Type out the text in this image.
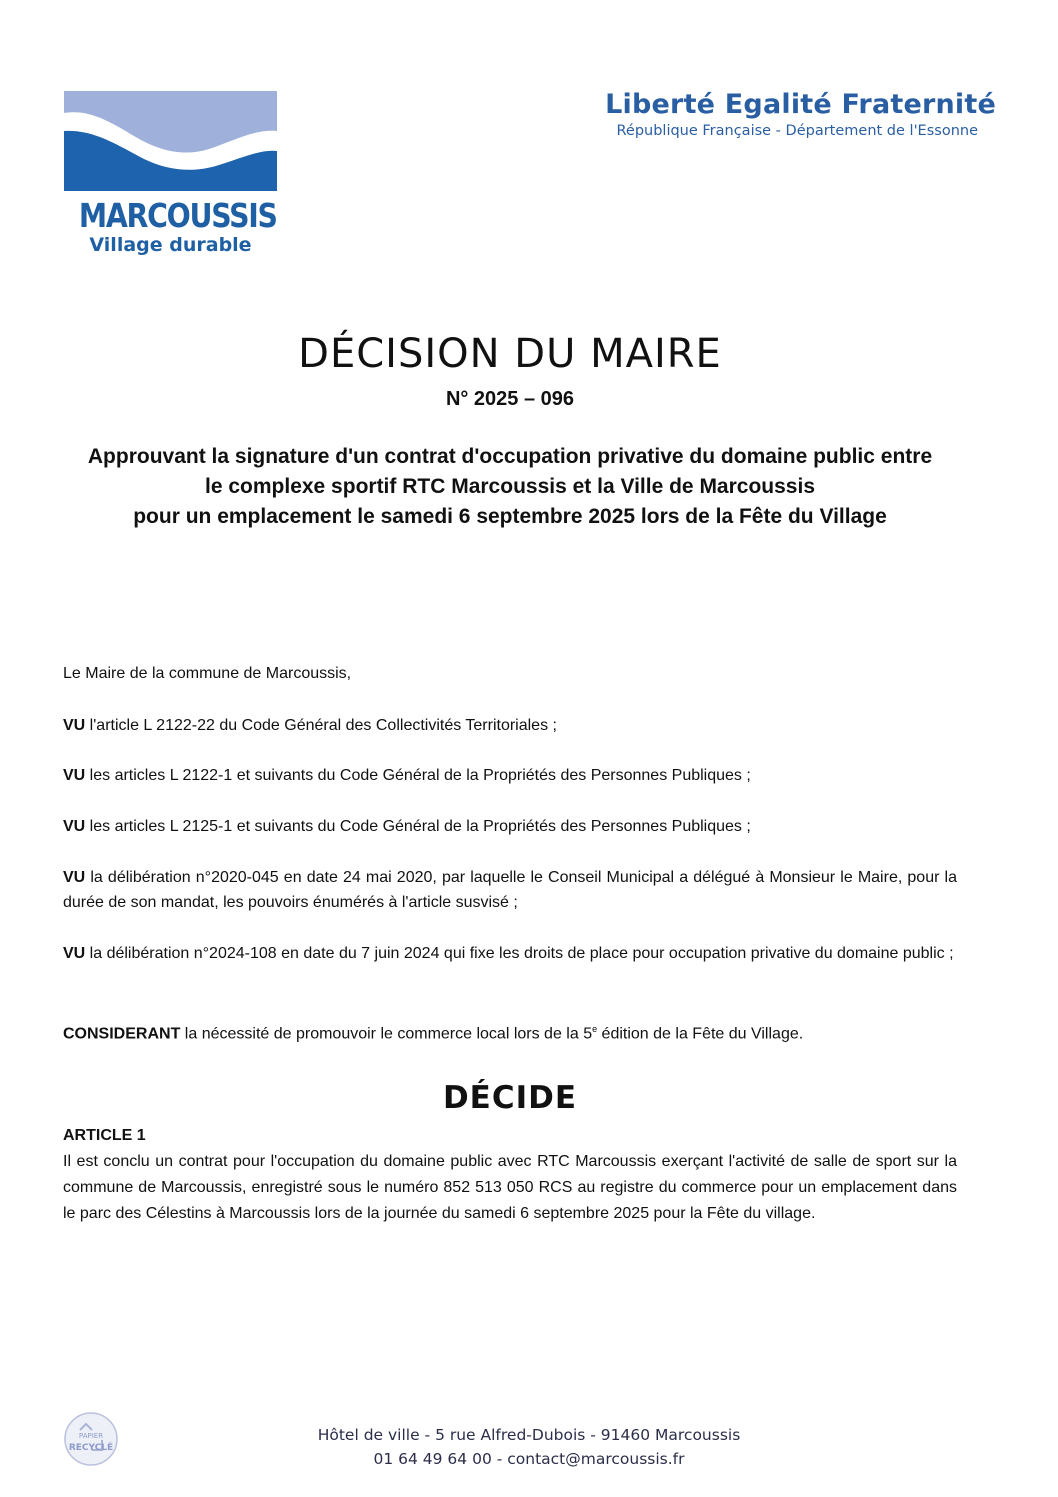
MARCOUSSIS
Village durable
Liberté Egalité Fraternité
République Française - Département de l'Essonne
DÉCISION DU MAIRE
N° 2025 – 096
Approuvant la signature d'un contrat d'occupation privative du domaine public entre
le complexe sportif RTC Marcoussis et la Ville de Marcoussis
pour un emplacement le samedi 6 septembre 2025 lors de la Fête du Village
Le Maire de la commune de Marcoussis,
VU l'article L 2122-22 du Code Général des Collectivités Territoriales ;
VU les articles L 2122-1 et suivants du Code Général de la Propriétés des Personnes Publiques ;
VU les articles L 2125-1 et suivants du Code Général de la Propriétés des Personnes Publiques ;
VU la délibération n°2020-045 en date 24 mai 2020, par laquelle le Conseil Municipal a délégué à Monsieur le Maire, pour la durée de son mandat, les pouvoirs énumérés à l'article susvisé ;
VU la délibération n°2024-108 en date du 7 juin 2024 qui fixe les droits de place pour occupation privative du domaine public ;
CONSIDERANT la nécessité de promouvoir le commerce local lors de la 5e édition de la Fête du Village.
DÉCIDE
ARTICLE 1
Il est conclu un contrat pour l'occupation du domaine public avec RTC Marcoussis exerçant l'activité de salle de sport sur la commune de Marcoussis, enregistré sous le numéro 852 513 050 RCS au registre du commerce pour un emplacement dans le parc des Célestins à Marcoussis lors de la journée du samedi 6 septembre 2025 pour la Fête du village.
PAPIER
RECYCLÉ
Hôtel de ville - 5 rue Alfred-Dubois - 91460 Marcoussis
01 64 49 64 00 - contact@marcoussis.fr
